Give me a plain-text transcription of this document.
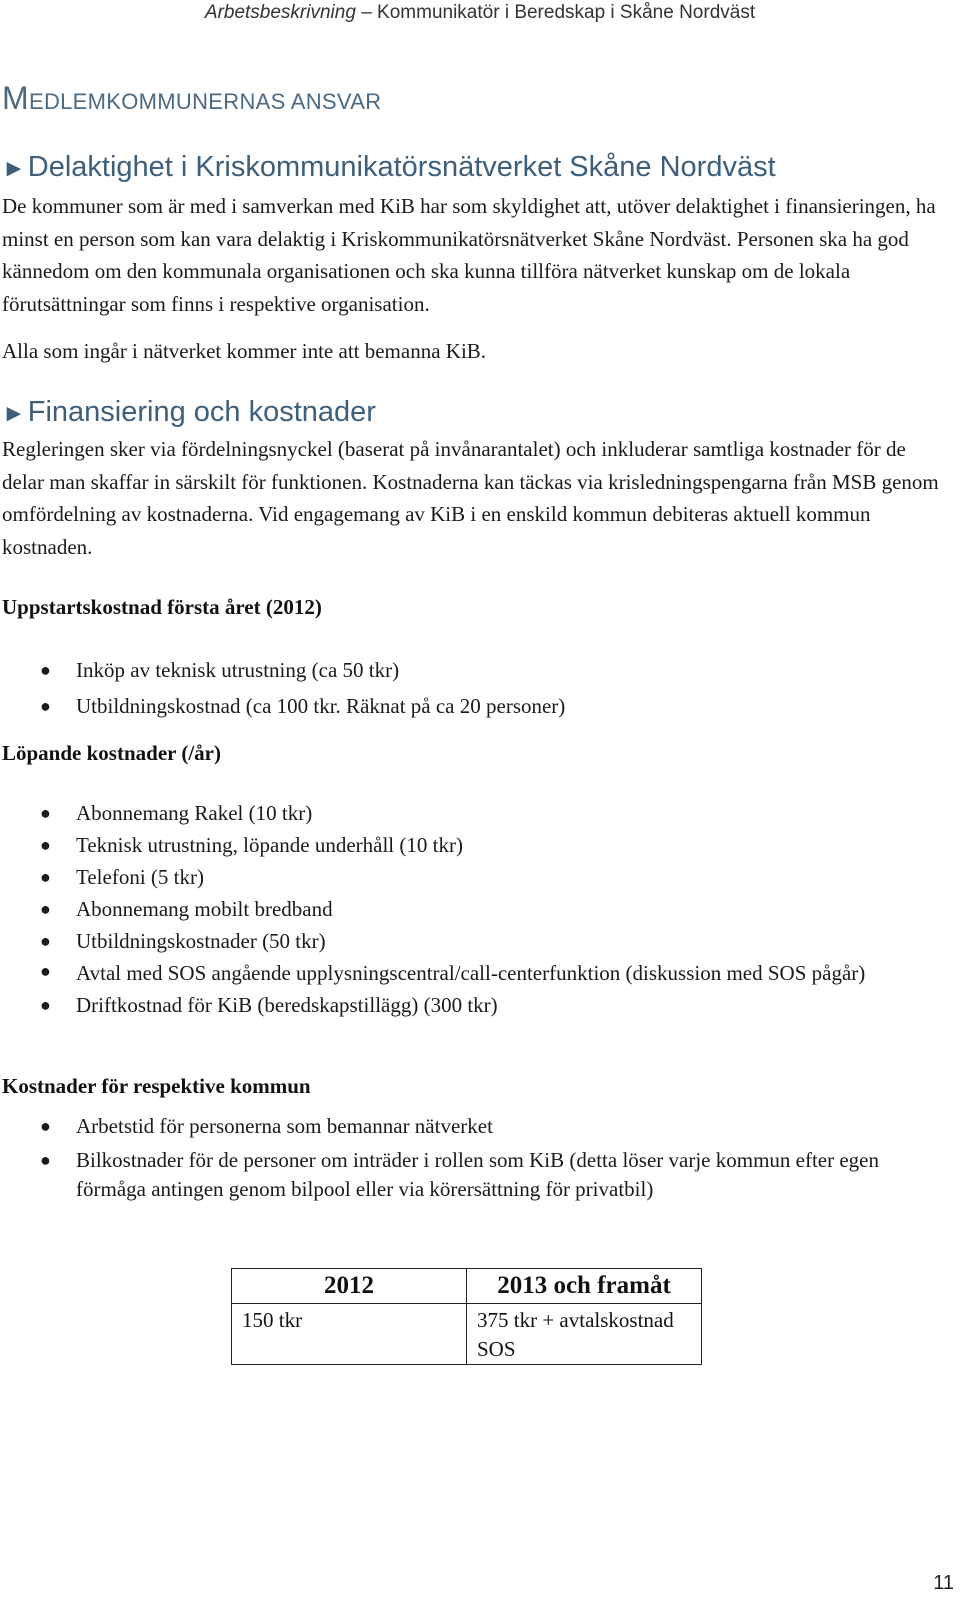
Arbetsbeskrivning – Kommunikatör i Beredskap i Skåne Nordväst
MEDLEMKOMMUNERNAS ANSVAR
►Delaktighet i Kriskommunikatörsnätverket Skåne Nordväst
De kommuner som är med i samverkan med KiB har som skyldighet att, utöver delaktighet i finansieringen, ha minst en person som kan vara delaktig i Kriskommunikatörsnätverket Skåne Nordväst. Personen ska ha god kännedom om den kommunala organisationen och ska kunna tillföra nätverket kunskap om de lokala förutsättningar som finns i respektive organisation.
Alla som ingår i nätverket kommer inte att bemanna KiB.
►Finansiering och kostnader
Regleringen sker via fördelningsnyckel (baserat på invånarantalet) och inkluderar samtliga kostnader för de delar man skaffar in särskilt för funktionen. Kostnaderna kan täckas via krisledningspengarna från MSB genom omfördelning av kostnaderna. Vid engagemang av KiB i en enskild kommun debiteras aktuell kommun kostnaden.
Uppstartskostnad första året (2012)
● Inköp av teknisk utrustning (ca 50 tkr)
● Utbildningskostnad (ca 100 tkr. Räknat på ca 20 personer)
Löpande kostnader (/år)
● Abonnemang Rakel (10 tkr)
● Teknisk utrustning, löpande underhåll (10 tkr)
● Telefoni (5 tkr)
● Abonnemang mobilt bredband
● Utbildningskostnader (50 tkr)
● Avtal med SOS angående upplysningscentral/call-centerfunktion (diskussion med SOS pågår)
● Driftkostnad för KiB (beredskapstillägg) (300 tkr)
Kostnader för respektive kommun
● Arbetstid för personerna som bemannar nätverket
● Bilkostnader för de personer om inträder i rollen som KiB (detta löser varje kommun efter egen förmåga antingen genom bilpool eller via körersättning för privatbil)
2012	2013 och framåt
150 tkr	375 tkr + avtalskostnad SOS
11
